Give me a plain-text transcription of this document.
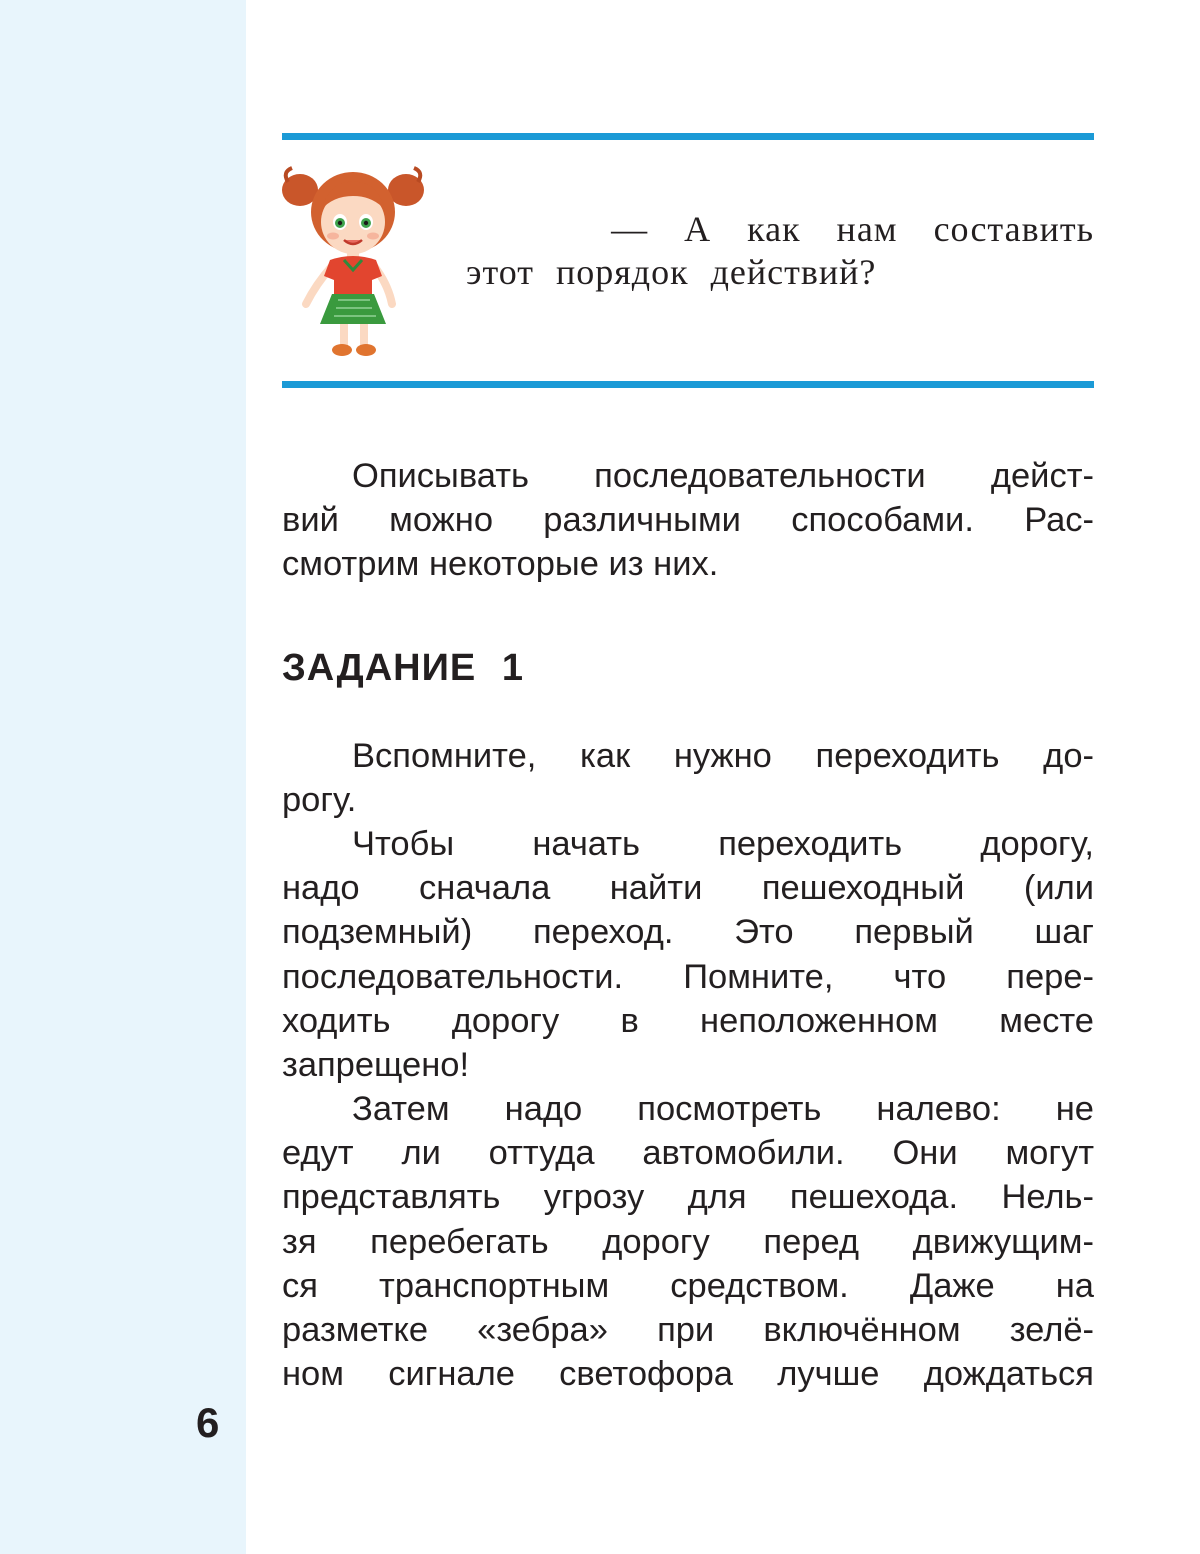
— А как нам составить
этот порядок действий?

Описывать последовательности дейст-
вий можно различными способами. Рас-
смотрим некоторые из них.

ЗАДАНИЕ 1

Вспомните, как нужно переходить до-
рогу.

Чтобы начать переходить дорогу,
надо сначала найти пешеходный (или
подземный) переход. Это первый шаг
последовательности. Помните, что пере-
ходить дорогу в неположенном месте
запрещено!

Затем надо посмотреть налево: не
едут ли оттуда автомобили. Они могут
представлять угрозу для пешехода. Нель-
зя перебегать дорогу перед движущим-
ся транспортным средством. Даже на
разметке «зебра» при включённом зелё-
ном сигнале светофора лучше дождаться

6
